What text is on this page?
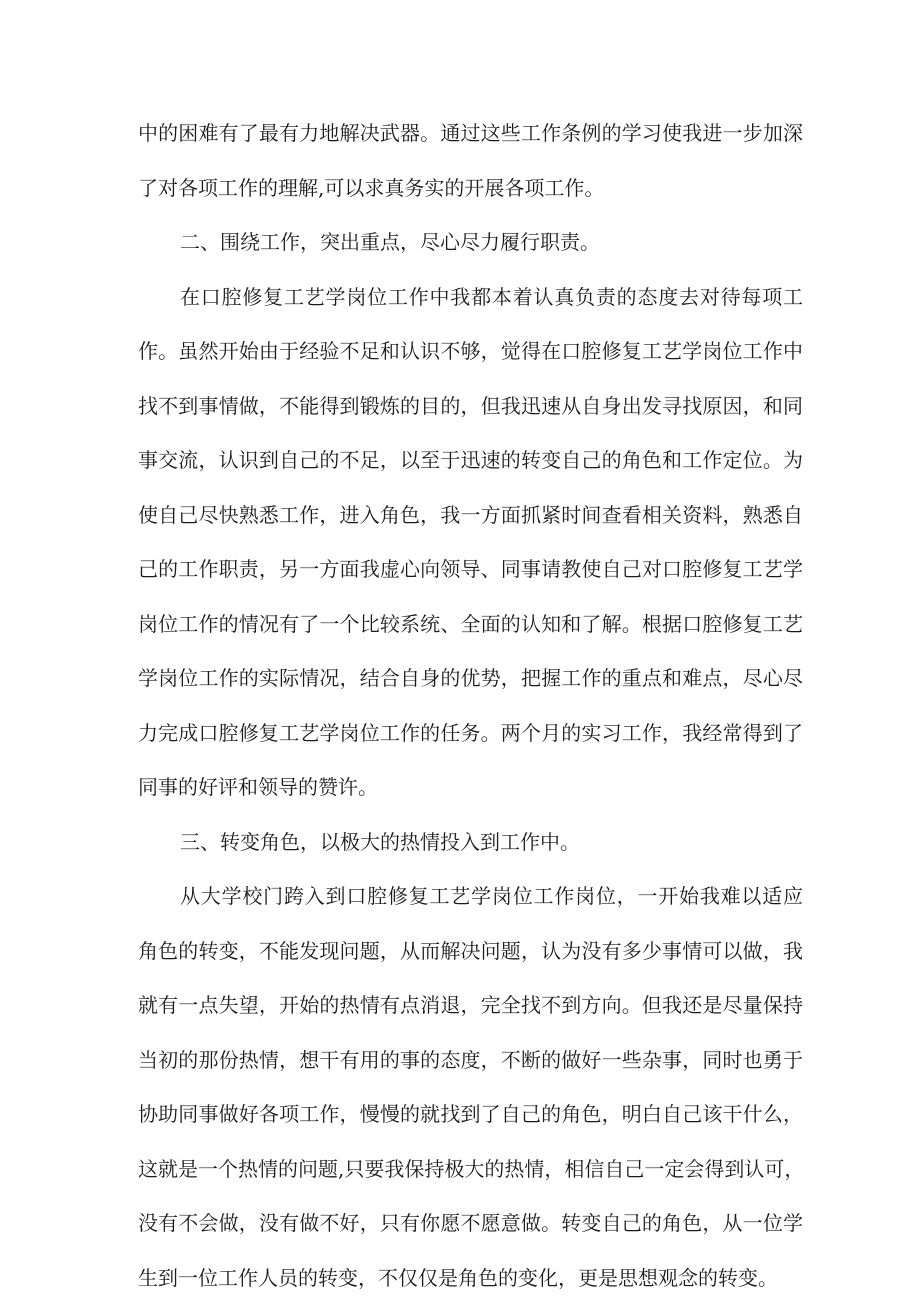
中的困难有了最有力地解决武器。通过这些工作条例的学习使我进一步加深
了对各项工作的理解,可以求真务实的开展各项工作。
二、围绕工作，突出重点，尽心尽力履行职责。
在口腔修复工艺学岗位工作中我都本着认真负责的态度去对待每项工
作。虽然开始由于经验不足和认识不够，觉得在口腔修复工艺学岗位工作中
找不到事情做，不能得到锻炼的目的，但我迅速从自身出发寻找原因，和同
事交流，认识到自己的不足，以至于迅速的转变自己的角色和工作定位。为
使自己尽快熟悉工作，进入角色，我一方面抓紧时间查看相关资料，熟悉自
己的工作职责，另一方面我虚心向领导、同事请教使自己对口腔修复工艺学
岗位工作的情况有了一个比较系统、全面的认知和了解。根据口腔修复工艺
学岗位工作的实际情况，结合自身的优势，把握工作的重点和难点，尽心尽
力完成口腔修复工艺学岗位工作的任务。两个月的实习工作，我经常得到了
同事的好评和领导的赞许。
三、转变角色，以极大的热情投入到工作中。
从大学校门跨入到口腔修复工艺学岗位工作岗位，一开始我难以适应
角色的转变，不能发现问题，从而解决问题，认为没有多少事情可以做，我
就有一点失望，开始的热情有点消退，完全找不到方向。但我还是尽量保持
当初的那份热情，想干有用的事的态度，不断的做好一些杂事，同时也勇于
协助同事做好各项工作，慢慢的就找到了自己的角色，明白自己该干什么，
这就是一个热情的问题,只要我保持极大的热情，相信自己一定会得到认可，
没有不会做，没有做不好，只有你愿不愿意做。转变自己的角色，从一位学
生到一位工作人员的转变，不仅仅是角色的变化，更是思想观念的转变。
